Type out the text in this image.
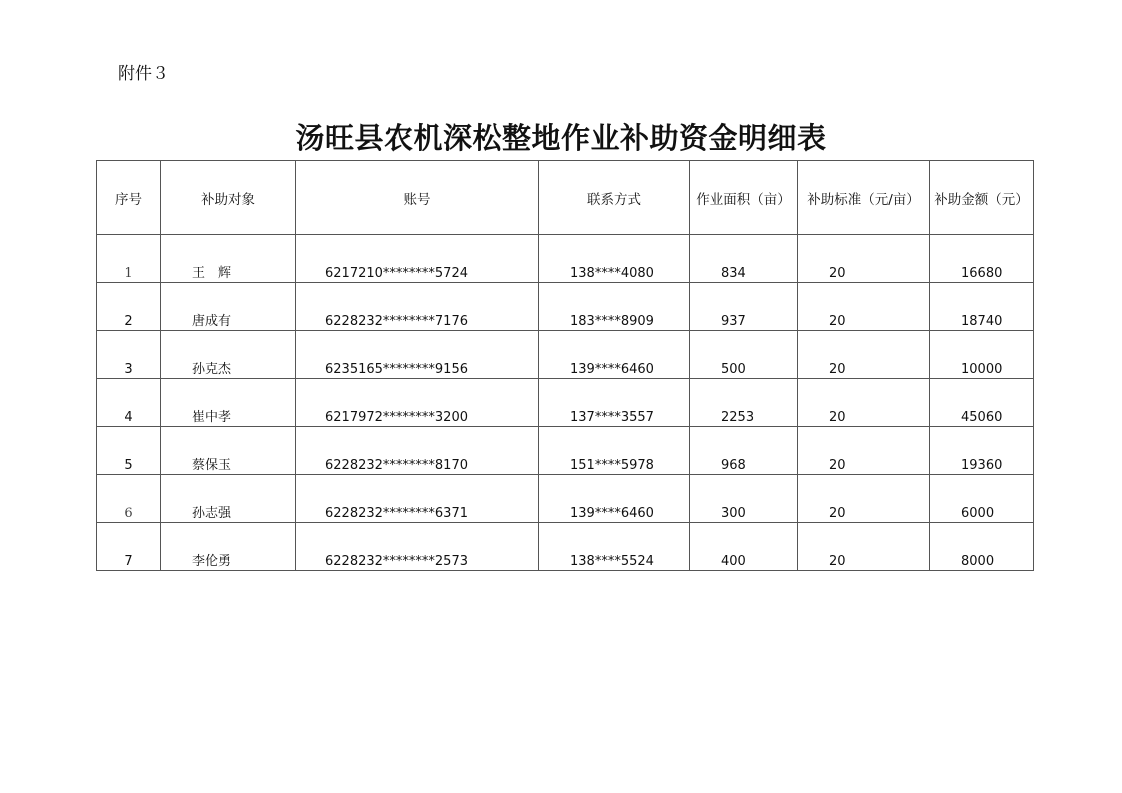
附件３
汤旺县农机深松整地作业补助资金明细表
序号	补助对象	账号	联系方式	作业面积（亩）	补助标准（元/亩）	补助金额（元）
1	王　辉	6217210********5724	138****4080	834	20	16680
2	唐成有	6228232********7176	183****8909	937	20	18740
3	孙克杰	6235165********9156	139****6460	500	20	10000
4	崔中孝	6217972********3200	137****3557	2253	20	45060
5	蔡保玉	6228232********8170	151****5978	968	20	19360
6	孙志强	6228232********6371	139****6460	300	20	6000
7	李伦勇	6228232********2573	138****5524	400	20	8000
